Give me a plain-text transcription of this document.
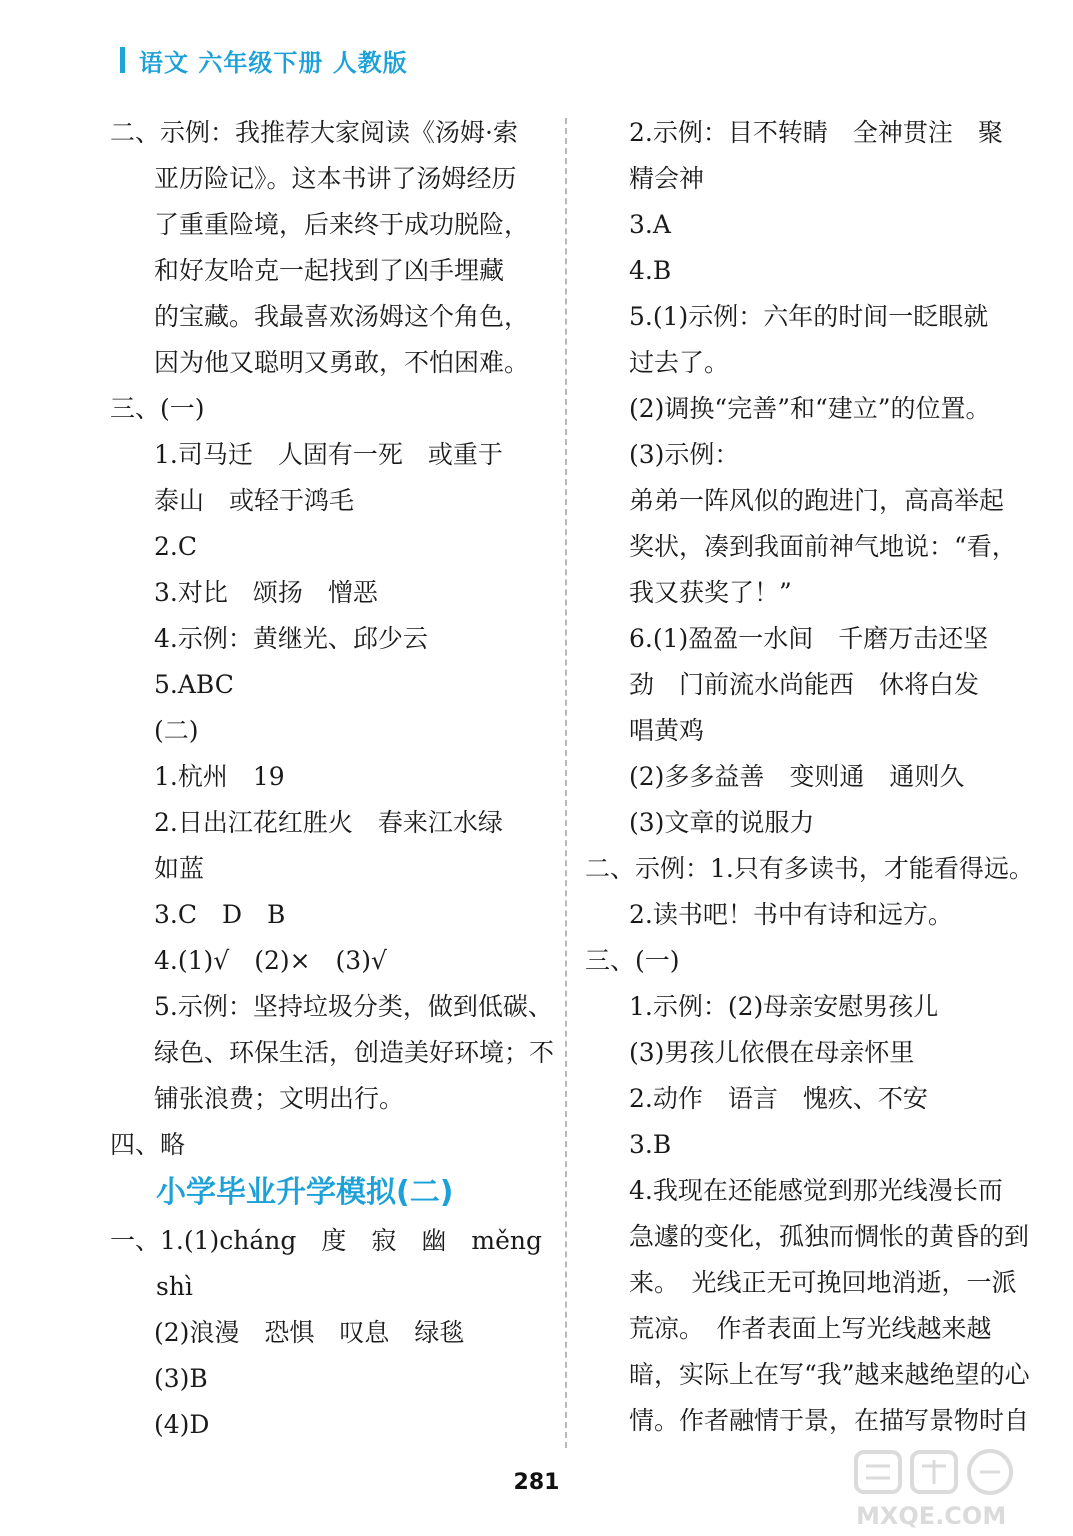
语文 六年级下册 人教版
二、示例：我推荐大家阅读《汤姆·索
亚历险记》。这本书讲了汤姆经历
了重重险境，后来终于成功脱险，
和好友哈克一起找到了凶手埋藏
的宝藏。我最喜欢汤姆这个角色，
因为他又聪明又勇敢，不怕困难。
三、(一)
1.司马迁　人固有一死　或重于
泰山　或轻于鸿毛
2.C
3.对比　颂扬　憎恶
4.示例：黄继光、邱少云
5.ABC
(二)
1.杭州　19
2.日出江花红胜火　春来江水绿
如蓝
3.C　D　B
4.(1)√　(2)×　(3)√
5.示例：坚持垃圾分类，做到低碳、
绿色、环保生活，创造美好环境；不
铺张浪费；文明出行。
四、略
小学毕业升学模拟(二)
一、1.(1)cháng　度　寂　幽　měng
shì
(2)浪漫　恐惧　叹息　绿毯
(3)B
(4)D
2.示例：目不转睛　全神贯注　聚
精会神
3.A
4.B
5.(1)示例：六年的时间一眨眼就
过去了。
(2)调换“完善”和“建立”的位置。
(3)示例：
弟弟一阵风似的跑进门，高高举起
奖状，凑到我面前神气地说：“看，
我又获奖了！”
6.(1)盈盈一水间　千磨万击还坚
劲　门前流水尚能西　休将白发
唱黄鸡
(2)多多益善　变则通　通则久
(3)文章的说服力
二、示例：1.只有多读书，才能看得远。
2.读书吧！书中有诗和远方。
三、(一)
1.示例：(2)母亲安慰男孩儿
(3)男孩儿依偎在母亲怀里
2.动作　语言　愧疚、不安
3.B
4.我现在还能感觉到那光线漫长而
急遽的变化，孤独而惆怅的黄昏的到
来。　光线正无可挽回地消逝，一派
荒凉。　作者表面上写光线越来越
暗，实际上在写“我”越来越绝望的心
情。作者融情于景，在描写景物时自
281
MXQE.COM
